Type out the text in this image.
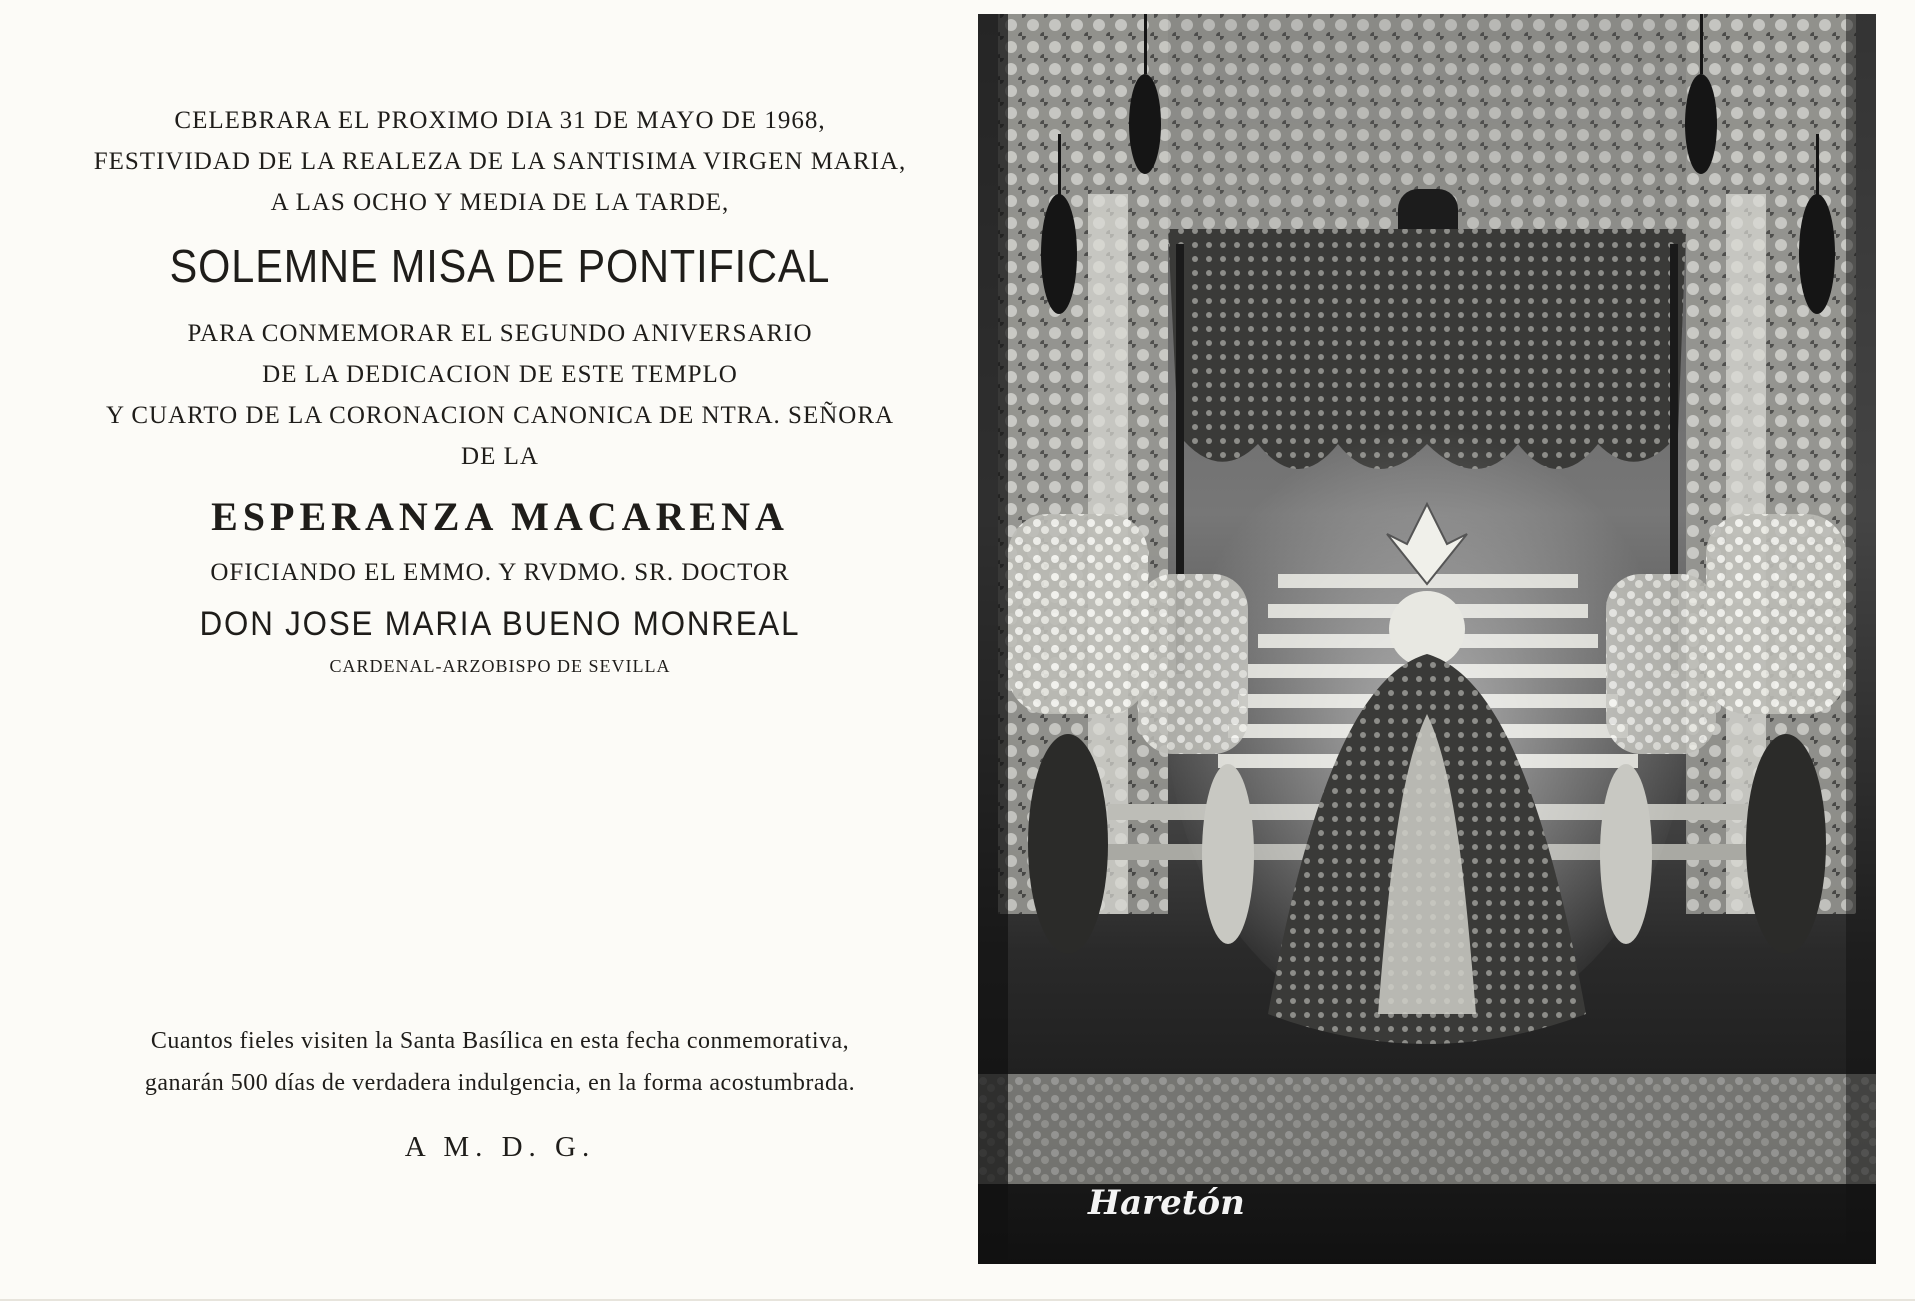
CELEBRARA EL PROXIMO DIA 31 DE MAYO DE 1968,
FESTIVIDAD DE LA REALEZA DE LA SANTISIMA VIRGEN MARIA,
A LAS OCHO Y MEDIA DE LA TARDE,
SOLEMNE MISA DE PONTIFICAL
PARA CONMEMORAR EL SEGUNDO ANIVERSARIO
DE LA DEDICACION DE ESTE TEMPLO
Y CUARTO DE LA CORONACION CANONICA DE NTRA. SEÑORA
DE LA
ESPERANZA MACARENA
OFICIANDO EL EMMO. Y RVDMO. SR. DOCTOR
DON JOSE MARIA BUENO MONREAL
CARDENAL-ARZOBISPO DE SEVILLA
Cuantos fieles visiten la Santa Basílica en esta fecha conmemorativa,
ganarán 500 días de verdadera indulgencia, en la forma acostumbrada.
A M. D. G.
Haretón
